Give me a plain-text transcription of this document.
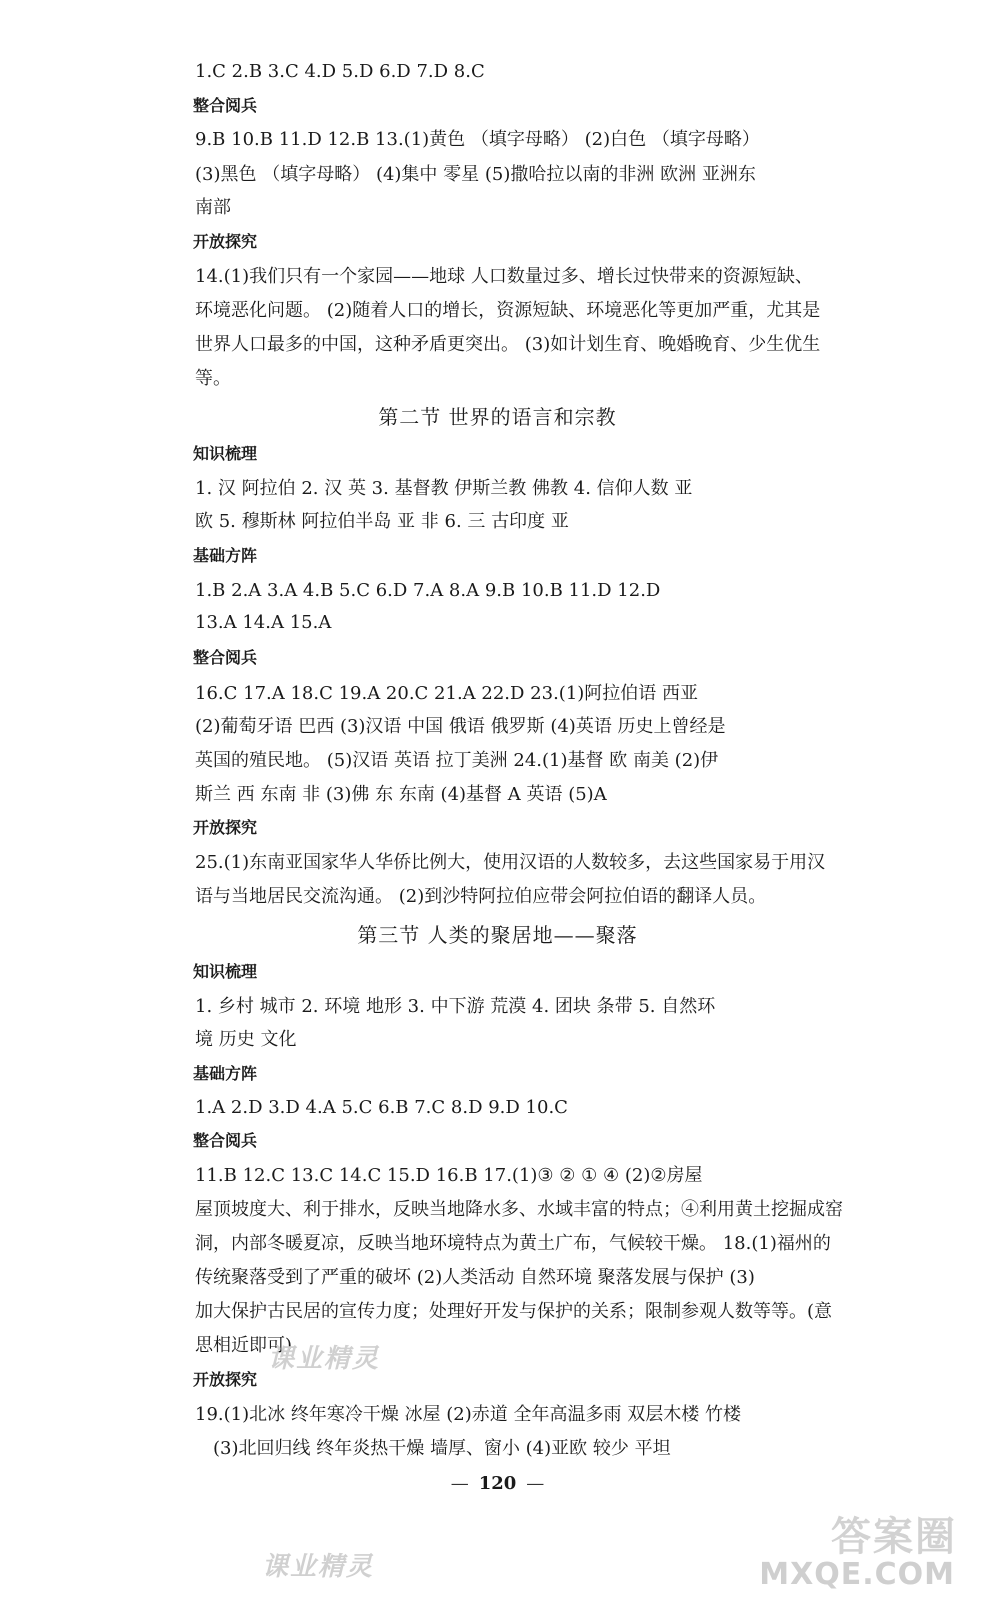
1.C 2.B 3.C 4.D 5.D 6.D 7.D 8.C
整合阅兵
9.B 10.B 11.D 12.B 13.(1)黄色 （填字母略） (2)白色 （填字母略）
(3)黑色 （填字母略） (4)集中 零星 (5)撒哈拉以南的非洲 欧洲 亚洲东
南部
开放探究
14.(1)我们只有一个家园——地球 人口数量过多、增长过快带来的资源短缺、
环境恶化问题。 (2)随着人口的增长，资源短缺、环境恶化等更加严重，尤其是
世界人口最多的中国，这种矛盾更突出。 (3)如计划生育、晚婚晚育、少生优生
等。
第二节 世界的语言和宗教
知识梳理
1. 汉 阿拉伯 2. 汉 英 3. 基督教 伊斯兰教 佛教 4. 信仰人数 亚
欧 5. 穆斯林 阿拉伯半岛 亚 非 6. 三 古印度 亚
基础方阵
1.B 2.A 3.A 4.B 5.C 6.D 7.A 8.A 9.B 10.B 11.D 12.D
13.A 14.A 15.A
整合阅兵
16.C 17.A 18.C 19.A 20.C 21.A 22.D 23.(1)阿拉伯语 西亚
(2)葡萄牙语 巴西 (3)汉语 中国 俄语 俄罗斯 (4)英语 历史上曾经是
英国的殖民地。 (5)汉语 英语 拉丁美洲 24.(1)基督 欧 南美 (2)伊
斯兰 西 东南 非 (3)佛 东 东南 (4)基督 A 英语 (5)A
开放探究
25.(1)东南亚国家华人华侨比例大，使用汉语的人数较多，去这些国家易于用汉
语与当地居民交流沟通。 (2)到沙特阿拉伯应带会阿拉伯语的翻译人员。
第三节 人类的聚居地——聚落
知识梳理
1. 乡村 城市 2. 环境 地形 3. 中下游 荒漠 4. 团块 条带 5. 自然环
境 历史 文化
基础方阵
1.A 2.D 3.D 4.A 5.C 6.B 7.C 8.D 9.D 10.C
整合阅兵
11.B 12.C 13.C 14.C 15.D 16.B 17.(1)③ ② ① ④ (2)②房屋
屋顶坡度大、利于排水，反映当地降水多、水域丰富的特点；④利用黄土挖掘成窑
洞，内部冬暖夏凉，反映当地环境特点为黄土广布，气候较干燥。 18.(1)福州的
传统聚落受到了严重的破坏 (2)人类活动 自然环境 聚落发展与保护 (3)
加大保护古民居的宣传力度；处理好开发与保护的关系；限制参观人数等等。(意
思相近即可)
开放探究
19.(1)北冰 终年寒冷干燥 冰屋 (2)赤道 全年高温多雨 双层木楼 竹楼
(3)北回归线 终年炎热干燥 墙厚、窗小 (4)亚欧 较少 平坦
— 120 —
课业精灵
课业精灵
答案圈
MXQE.COM
